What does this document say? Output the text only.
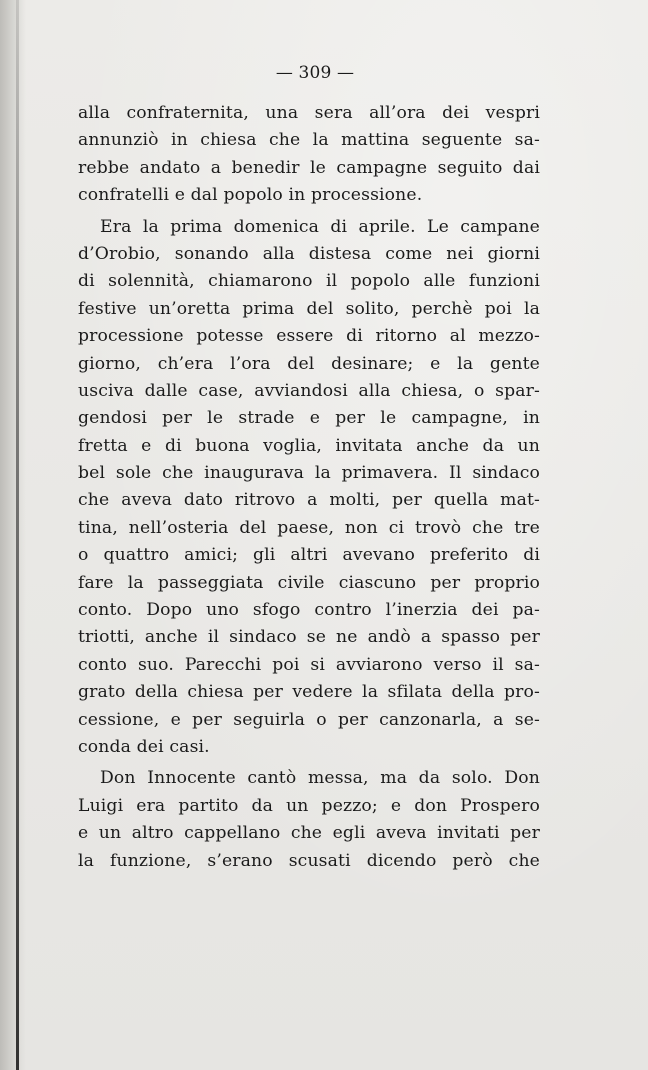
— 309 —
alla confraternita, una sera all’ora dei vespri
annunziò in chiesa che la mattina seguente sa-
rebbe andato a benedir le campagne seguito dai
confratelli e dal popolo in processione.
Era la prima domenica di aprile. Le campane
d’Orobio, sonando alla distesa come nei giorni
di solennità, chiamarono il popolo alle funzioni
festive un’oretta prima del solito, perchè poi la
processione potesse essere di ritorno al mezzo-
giorno, ch’era l’ora del desinare; e la gente
usciva dalle case, avviandosi alla chiesa, o spar-
gendosi per le strade e per le campagne, in
fretta e di buona voglia, invitata anche da un
bel sole che inaugurava la primavera. Il sindaco
che aveva dato ritrovo a molti, per quella mat-
tina, nell’osteria del paese, non ci trovò che tre
o quattro amici; gli altri avevano preferito di
fare la passeggiata civile ciascuno per proprio
conto. Dopo uno sfogo contro l’inerzia dei pa-
triotti, anche il sindaco se ne andò a spasso per
conto suo. Parecchi poi si avviarono verso il sa-
grato della chiesa per vedere la sfilata della pro-
cessione, e per seguirla o per canzonarla, a se-
conda dei casi.
Don Innocente cantò messa, ma da solo. Don
Luigi era partito da un pezzo; e don Prospero
e un altro cappellano che egli aveva invitati per
la funzione, s’erano scusati dicendo però che
